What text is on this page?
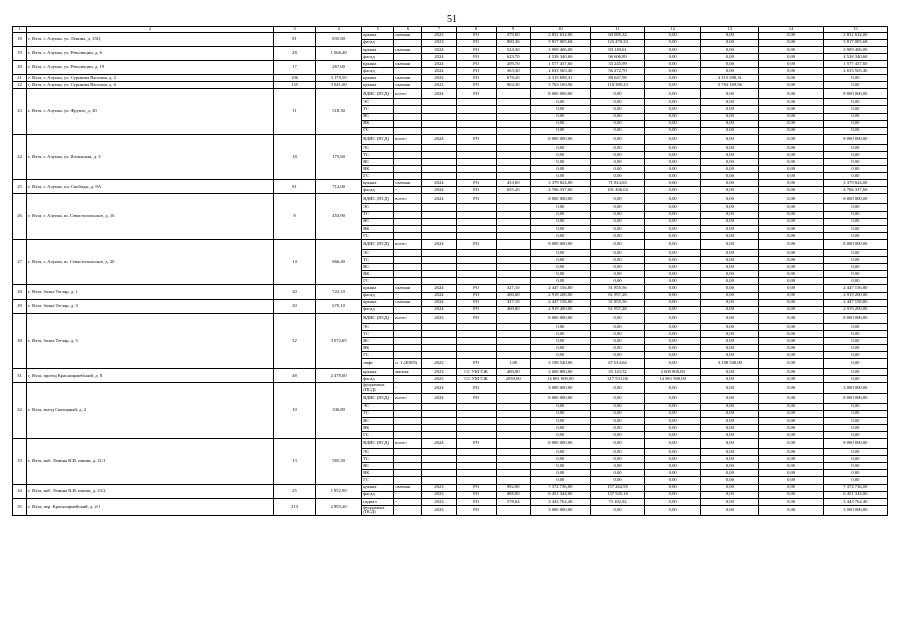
51
1	2	3	4	5	6	7	8	9	10	11	12	13	14	15
18	г. Ялта, г. Алупка, ул. Ленина, д. 35Ц	81	835,60	крыша	скатная	2023	РО	379,00	2 831 632,00	60 085,32	0,00	0,00	0,00	2 831 632,00
				фасад		2023	РО	800,36	5 817 005,68	123 470,33	0,00	0,00	0,00	5 817 005,68
19	г. Ялта, г. Алупка, ул. Революции, д. 6	28	1 066,40	крыша	скатная	2024	РО	524,30	3 909 406,00	83 149,61	0,00	0,00	0,00	3 909 406,00
				фасад		2024	РО	623,70	4 538 340,60	96 606,89	0,00	0,00	0,00	4 538 340,60
20	г. Ялта, г. Алупка, ул. Революции, д. 19	17	267,00	крыша	скатная	2024	РО	209,70	1 577 457,60	33 245,99	0,00	0,00	0,00	1 577 457,60
				фасад		2024	РО	363,30	2 633 565,40	56 272,70	0,00	0,00	0,00	2 633 565,40
21	г. Ялта, г. Алупка, ул. Сурикова Василия, д. 2	196	3 179,50	крыша	скатная	2022	РО	678,20	4 315 698,31	88 647,98	0,00	4 315 698,31	0,00	0,00
22	г. Ялта, г. Алупка, ул. Сурикова Василия, д. 6	135	3 041,00	крыша	скатная	2022	РО	904,30	5 763 169,96	118 380,23	0,00	5 763 169,96	0,00	0,00
23	г. Ялта, г. Алупка, ул. Фрунзе, д. 20	11	518,30	ВДИС (ПСД)	всего:	2024	РО		8 000 000,00	0,00	0,00	0,00	0,00	8 000 000,00
				ЭС					0,00	0,00	0,00	0,00	0,00	0,00
				ТС					0,00	0,00	0,00	0,00	0,00	0,00
				ВС					0,00	0,00	0,00	0,00	0,00	0,00
				ВК					0,00	0,00	0,00	0,00	0,00	0,00
				ГС					0,00	0,00	0,00	0,00	0,00	0,00
24	г. Ялта, г. Алупка, ул. Ялтинская, д. 3	18	175,60	ВДИС (ПСД)	всего:	2024	РО		8 000 000,00	0,00	0,00	0,00	0,00	8 000 000,00
				ЭС					0,00	0,00	0,00	0,00	0,00	0,00
				ТС					0,00	0,00	0,00	0,00	0,00	0,00
				ВС					0,00	0,00	0,00	0,00	0,00	0,00
				ВК					0,00	0,00	0,00	0,00	0,00	0,00
				ГС					0,00	0,00	0,00	0,00	0,00	0,00
25	г. Ялта, г. Алупка, пл. Свободы, д. 8А	81	712,00	крыша	скатная	2024	РО	453,00	3 379 824,00	71 814,63	0,00	0,00	0,00	3 379 824,00
				фасад	-	2024	РО	655,20	4 766 337,60	101 406,02	0,00	0,00	0,00	4 766 337,60
26	г. Ялта, г. Алупка, ш. Севастопольское, д. 10	8	453,90	ВДИС (ПСД)	всего:	2024	РО		8 000 000,00	0,00	0,00	0,00	0,00	8 000 000,00
				ЭС					0,00	0,00	0,00	0,00	0,00	0,00
				ТС					0,00	0,00	0,00	0,00	0,00	0,00
				ВС					0,00	0,00	0,00	0,00	0,00	0,00
				ВК					0,00	0,00	0,00	0,00	0,00	0,00
				ГС					0,00	0,00	0,00	0,00	0,00	0,00
27	г. Ялта, г. Алупка, ш. Севастопольское, д. 20	14	666,40	ВДИС (ПСД)	всего:	2024	РО		8 000 000,00	0,00	0,00	0,00	0,00	8 000 000,00
				ЭС					0,00	0,00	0,00	0,00	0,00	0,00
				ТС					0,00	0,00	0,00	0,00	0,00	0,00
				ВС					0,00	0,00	0,00	0,00	0,00	0,00
				ВК					0,00	0,00	0,00	0,00	0,00	0,00
				ГС					0,00	0,00	0,00	0,00	0,00	0,00
28	г. Ялта, балка Тегляр, д. 1	20	723,10	крыша	скатная	2024	РО	327,10	2 447 156,80	51 855,56	0,00	0,00	0,00	2 447 156,80
				фасад	-	2024	РО	400,00	2 919 200,00	61 957,28	0,00	0,00	0,00	2 919 200,00
29	г. Ялта, балка Тегляр, д. 3	20	670,10	крыша	скатная	2024	РО	327,10	2 447 156,80	51 855,56	0,00	0,00	0,00	2 447 156,80
				фасад	-	2024	РО	400,00	2 919 200,00	61 957,28	0,00	0,00	0,00	2 919 200,00
30	г. Ялта, балка Тегляр, д. 5	32	3 072,65	ВДИС (ПСД)	всего:	2023	РО		8 000 000,00	0,00	0,00	0,00	0,00	8 000 000,00
				ЭС					0,00	0,00	0,00	0,00	0,00	0,00
				ТС					0,00	0,00	0,00	0,00	0,00	0,00
				ВС					0,00	0,00	0,00	0,00	0,00	0,00
				ВК					0,00	0,00	0,00	0,00	0,00	0,00
				ГС					0,00	0,00	0,00	0,00	0,00	0,00
				лифт	п. 1 (400/9)	2022	РО	1,00	3 198 540,00	67 014,64	0,00	3 198 540,00	0,00	0,00
31	г. Ялта, проезд Красноармейский, д. 8	48	2 479,00	крыша	мягкая	2023	СС УКГСЖ	400,00	2 600 800,00	55 143,52	2 600 800,00	0,00	0,00	0,00
				фасад	-	2023	СС УКГСЖ	2050,00	14 861 900,00	317 531,06	14 861 900,00	0,00	0,00	0,00
32	г. Ялта, въезд Сваторный, д. 2	10	336,80	фундамент (ПСД)	-	2024	РО		3 000 000,00	0,00	0,00	0,00	0,00	3 000 000,00
				ВДИС (ПСД)	всего:	2024	РО		8 000 000,00	0,00	0,00	0,00	0,00	8 000 000,00
				ЭС					0,00	0,00	0,00	0,00	0,00	0,00
				ТС					0,00	0,00	0,00	0,00	0,00	0,00
				ВС					0,00	0,00	0,00	0,00	0,00	0,00
				ВК					0,00	0,00	0,00	0,00	0,00	0,00
				ГС					0,00	0,00	0,00	0,00	0,00	0,00
33	г. Ялта, наб. Ленина В.И. имени, д. 21/1	13	565,50	ВДИС (ПСД)	всего:	2024	РО		8 000 000,00	0,00	0,00	0,00	0,00	8 000 000,00
				ЭС					0,00	0,00	0,00	0,00	0,00	0,00
				ТС					0,00	0,00	0,00	0,00	0,00	0,00
				ВС					0,00	0,00	0,00	0,00	0,00	0,00
				ВК					0,00	0,00	0,00	0,00	0,00	0,00
				ГС					0,00	0,00	0,00	0,00	0,00	0,00
34	г. Ялта, наб. Ленина В.И. имени, д. 23/2	25	1 852,90	крыша	скатная	2023	РО	992,00	7 372 736,00	157 262,95	0,00	0,00	0,00	7 372 736,00
				фасад	-	2023	РО	888,00	6 451 344,00	137 545,16	0,00	0,00	0,00	6 451 344,00
35	г. Ялта, пер. Красноармейский, д. 2/1	213	2 893,20	подвал	-	2023	РО	578,64	3 443 762,40	73 182,92	0,00	0,00	0,00	3 443 762,40
				фундамент (ПСД)	-	2023	РО		3 000 000,00	0,00	0,00	0,00	0,00	3 000 000,00
